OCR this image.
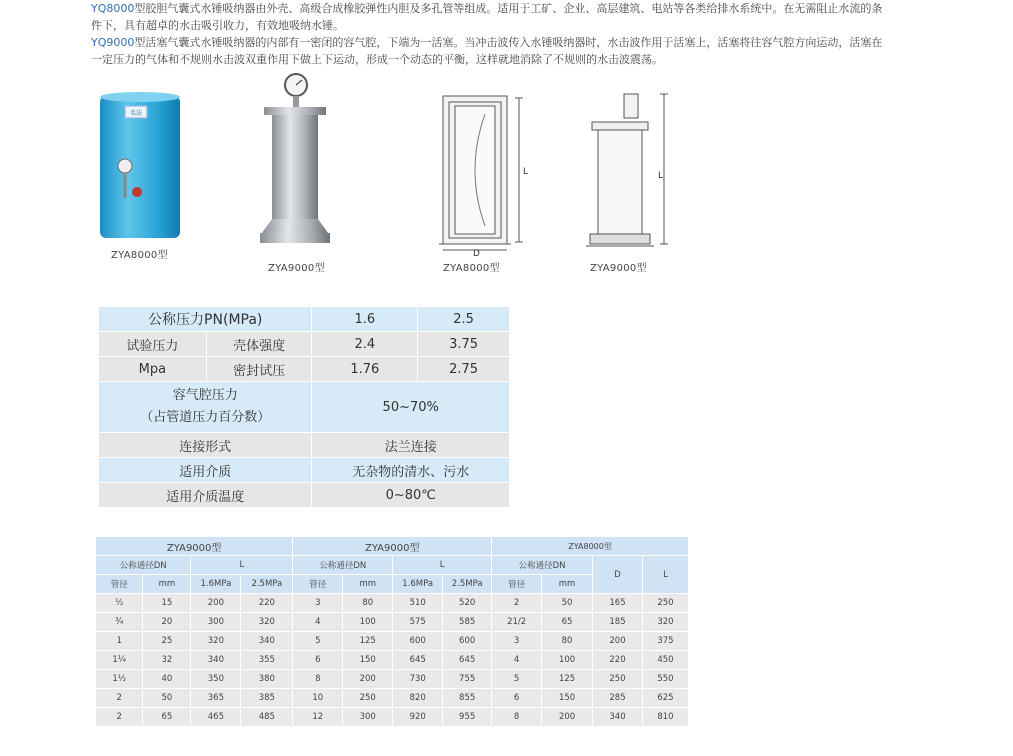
YQ8000型胶胆气囊式水锤吸纳器由外壳、高级合成橡胶弹性内胆及多孔管等组成。适用于工矿、企业、高层建筑、电站等各类给排水系统中。在无需阻止水流的条件下，具有超卓的水击吸引收力，有效地吸纳水锤。

YQ9000型活塞气囊式水锤吸纳器的内部有一密闭的容气腔，下端为一活塞。当冲击波传入水锤吸纳器时，水击波作用于活塞上，活塞将往容气腔方向运动，活塞在一定压力的气体和不规则水击波双重作用下做上下运动，形成一个动态的平衡，这样就地消除了不规则的水击波震荡。

名法
ZYA8000型
ZYA9000型
L
D
ZYA8000型
L
ZYA9000型
公称压力PN(MPa)		1.6	2.5
试验压力	壳体强度	2.4	3.75
Mpa	密封试压	1.76	2.75

容气腔压力
（占管道压力百分数）		50~70%	
连接形式		法兰连接	
适用介质		无杂物的清水、污水	
适用介质温度		0~80℃	
ZYA9000型				ZYA9000型				ZYA8000型			
公称通径DN		L		公称通径DN		L		公称通径DN		D	L
管径	mm	1.6MPa	2.5MPa	管径	mm	1.6MPa	2.5MPa	管径	mm		
½	15	200	220	3	80	510	520	2	50	165	250
¾	20	300	320	4	100	575	585	21/2	65	185	320
1	25	320	340	5	125	600	600	3	80	200	375
1¼	32	340	355	6	150	645	645	4	100	220	450
1½	40	350	380	8	200	730	755	5	125	250	550
2	50	365	385	10	250	820	855	6	150	285	625
2	65	465	485	12	300	920	955	8	200	340	810
